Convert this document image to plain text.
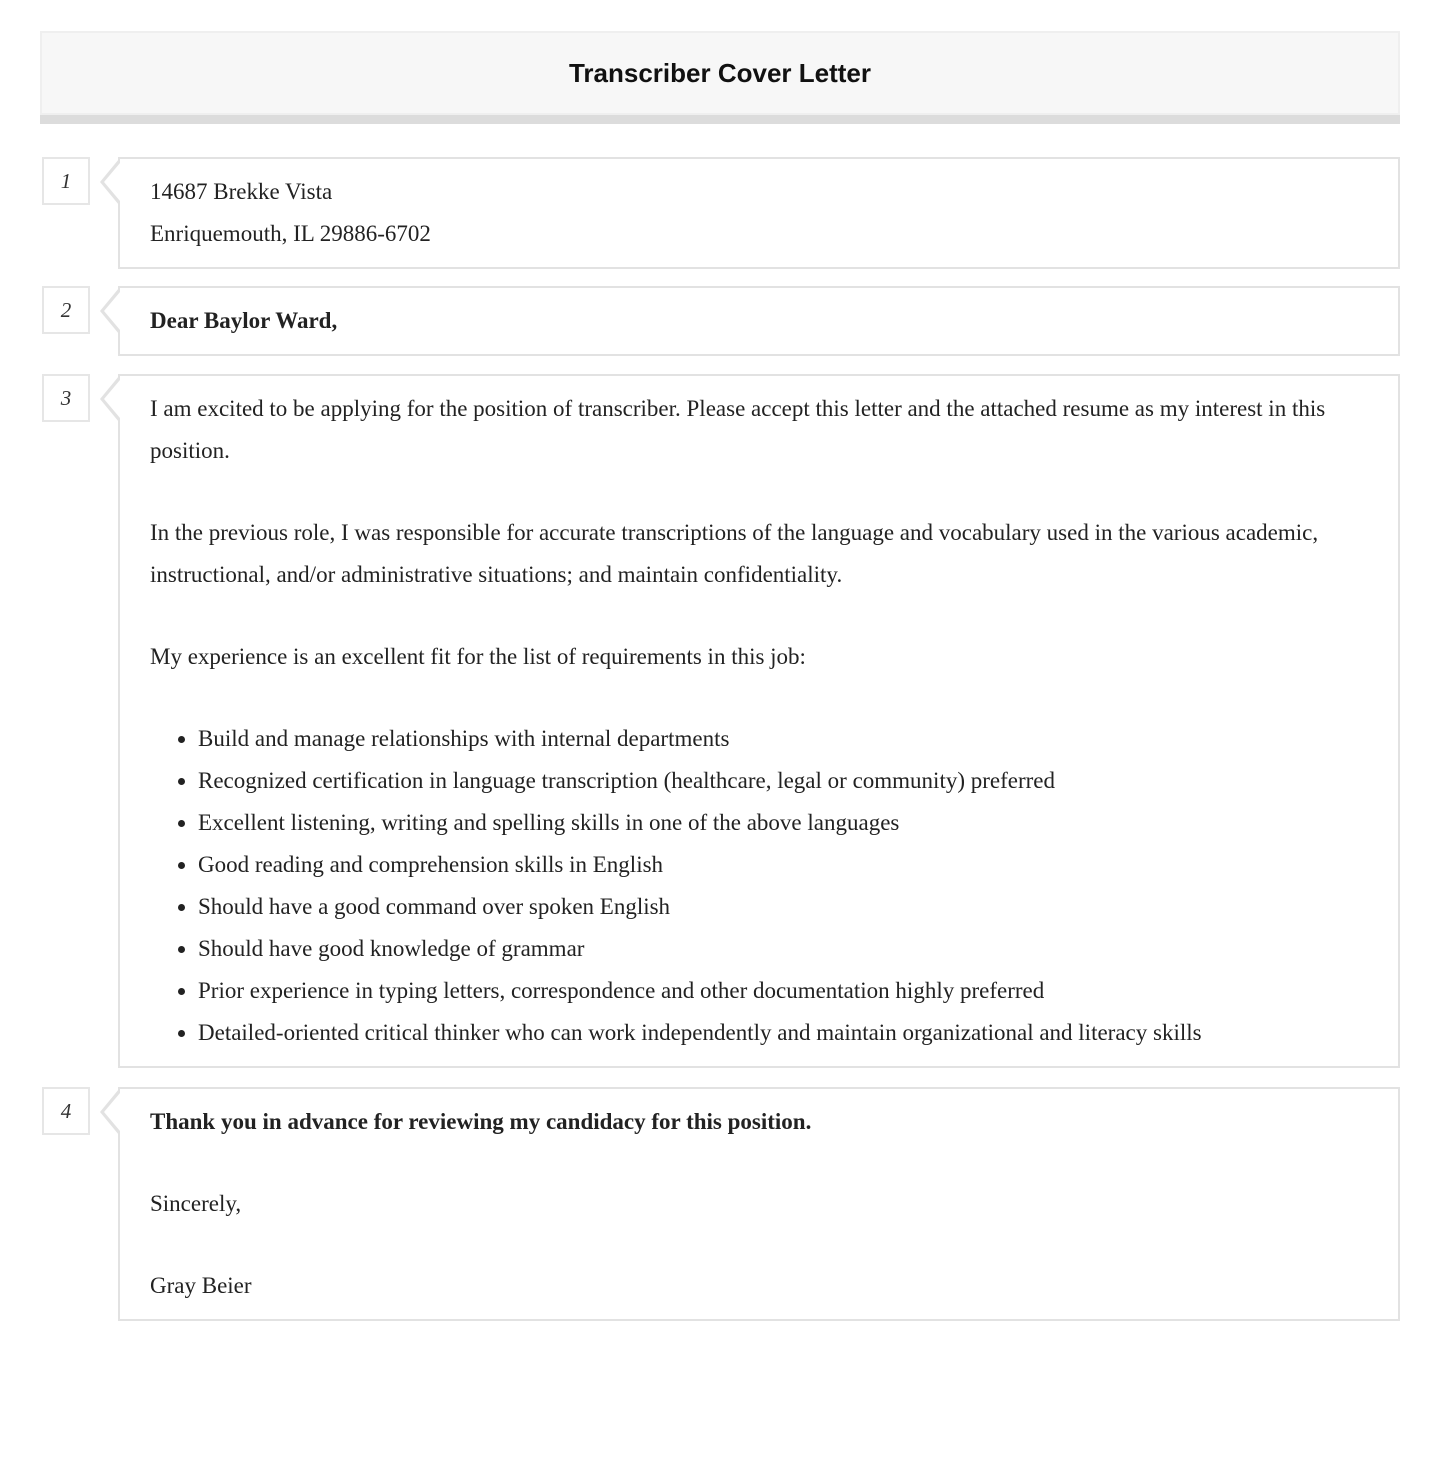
Transcriber Cover Letter
1	14687 Brekke Vista

Enriquemouth, IL 29886-6702

2	Dear Baylor Ward,

3	I am excited to be applying for the position of transcriber. Please accept this letter and the attached resume as my interest in this position.

In the previous role, I was responsible for accurate transcriptions of the language and vocabulary used in the various academic, instructional, and/or administrative situations; and maintain confidentiality.

My experience is an excellent fit for the list of requirements in this job:

• Build and manage relationships with internal departments
• Recognized certification in language transcription (healthcare, legal or community) preferred
• Excellent listening, writing and spelling skills in one of the above languages
• Good reading and comprehension skills in English
• Should have a good command over spoken English
• Should have good knowledge of grammar
• Prior experience in typing letters, correspondence and other documentation highly preferred
• Detailed-oriented critical thinker who can work independently and maintain organizational and literacy skills
4	Thank you in advance for reviewing my candidacy for this position.

Sincerely,

Gray Beier
